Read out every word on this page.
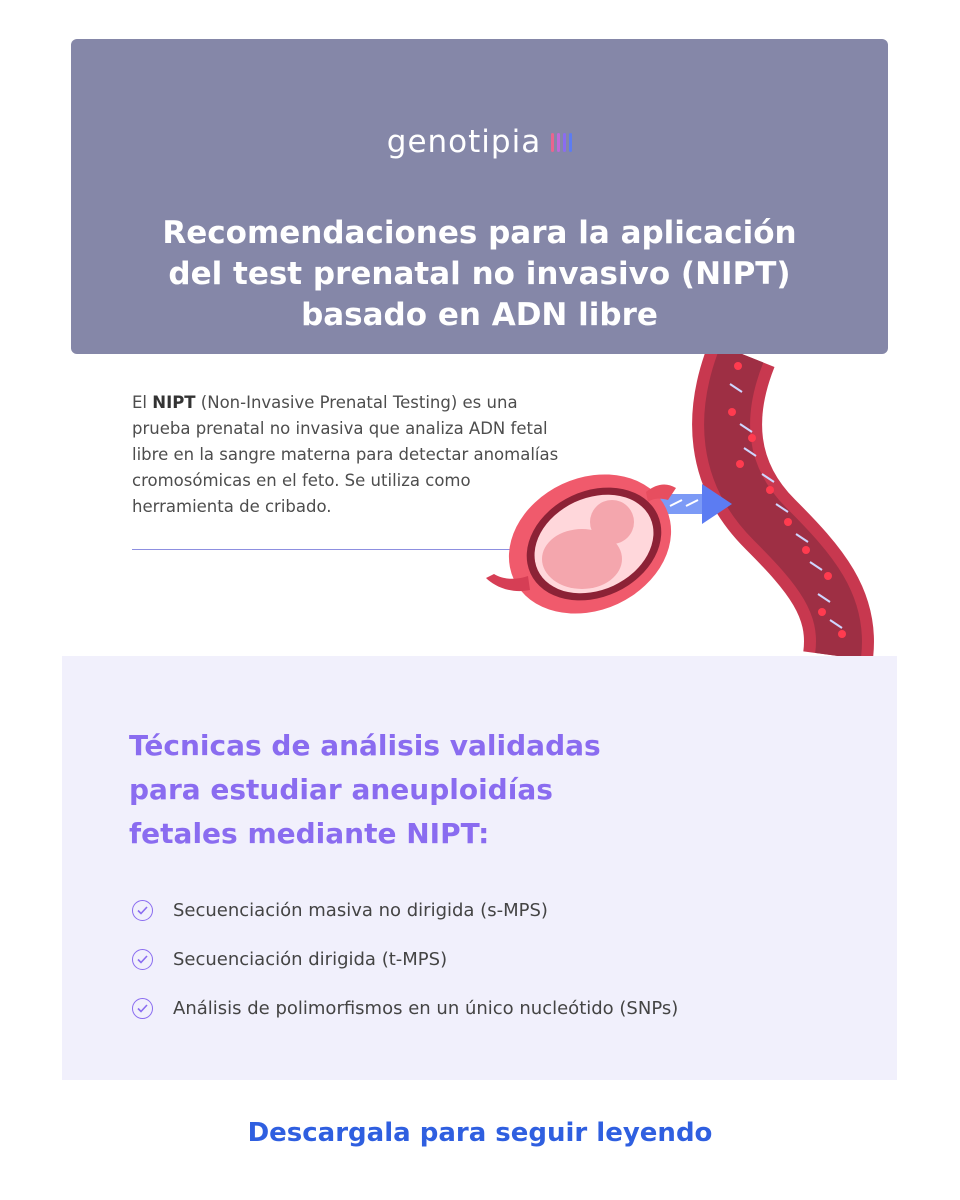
genotipia
Recomendaciones para la aplicación
del test prenatal no invasivo (NIPT)
basado en ADN libre

El NIPT (Non-Invasive Prenatal Testing) es una prueba prenatal no invasiva que analiza ADN fetal libre en la sangre materna para detectar anomalías cromosómicas en el feto. Se utiliza como herramienta de cribado.

Técnicas de análisis validadas
para estudiar aneuploidías
fetales mediante NIPT:
Secuenciación masiva no dirigida (s-MPS)
Secuenciación dirigida (t-MPS)
Análisis de polimorfismos en un único nucleótido (SNPs)
Descargala para seguir leyendo
